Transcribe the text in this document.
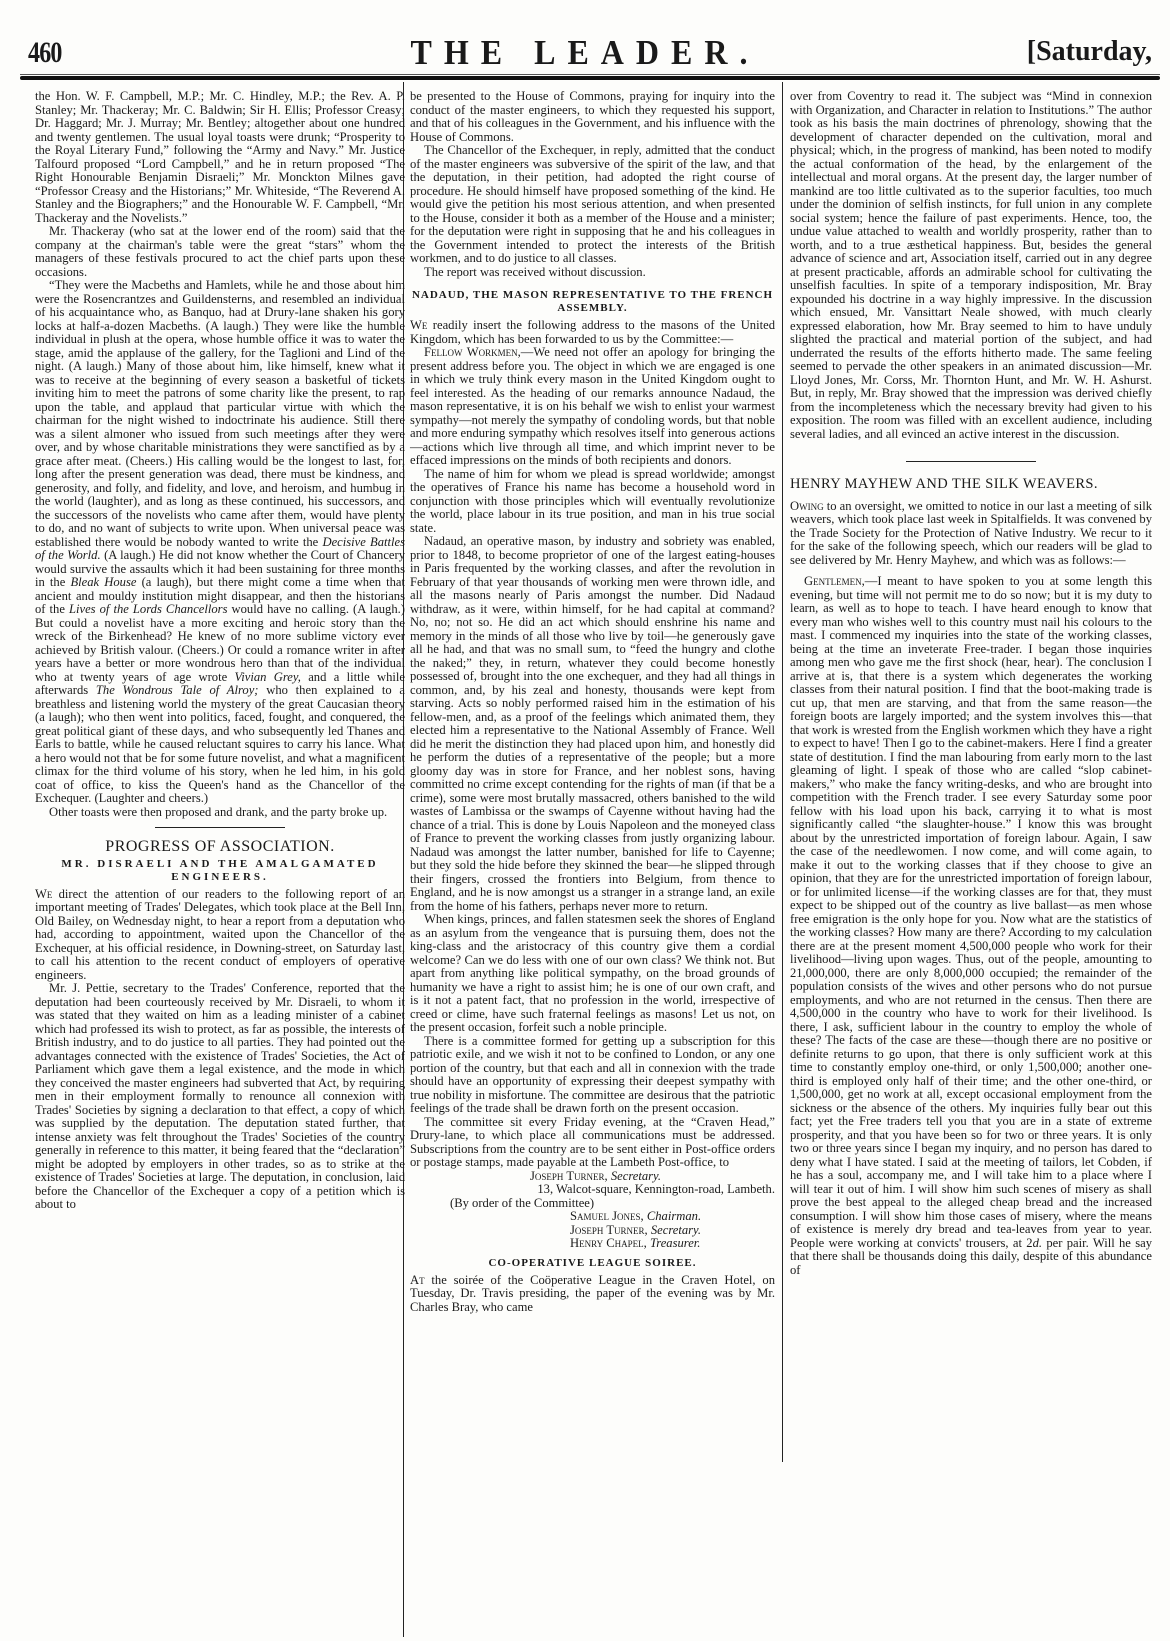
460	THE LEADER.	[Saturday,

the Hon. W. F. Campbell, M.P.; Mr. C. Hindley, M.P.; the Rev. A. P. Stanley; Mr. Thackeray; Mr. C. Baldwin; Sir H. Ellis; Professor Creasy; Dr. Haggard; Mr. J. Murray; Mr. Bentley; altogether about one hundred and twenty gentlemen. The usual loyal toasts were drunk; “Prosperity to the Royal Literary Fund,” following the “Army and Navy.” Mr. Justice Talfourd proposed “Lord Campbell,” and he in return proposed “The Right Honourable Benjamin Disraeli;” Mr. Monckton Milnes gave “Professor Creasy and the Historians;” Mr. Whiteside, “The Reverend A. Stanley and the Biographers;” and the Honourable W. F. Campbell, “Mr. Thackeray and the Novelists.”

Mr. Thackeray (who sat at the lower end of the room) said that the company at the chairman's table were the great “stars” whom the managers of these festivals procured to act the chief parts upon these occasions.

“They were the Macbeths and Hamlets, while he and those about him were the Rosencrantzes and Guildensterns, and resembled an individual of his acquaintance who, as Banquo, had at Drury-lane shaken his gory locks at half-a-dozen Macbeths. (A laugh.) They were like the humble individual in plush at the opera, whose humble office it was to water the stage, amid the applause of the gallery, for the Taglioni and Lind of the night. (A laugh.) Many of those about him, like himself, knew what it was to receive at the beginning of every season a basketful of tickets inviting him to meet the patrons of some charity like the present, to rap upon the table, and applaud that particular virtue with which the chairman for the night wished to indoctrinate his audience. Still there was a silent almoner who issued from such meetings after they were over, and by whose charitable ministrations they were sanctified as by a grace after meat. (Cheers.) His calling would be the longest to last, for, long after the present generation was dead, there must be kindness, and generosity, and folly, and fidelity, and love, and heroism, and humbug in the world (laughter), and as long as these continued, his successors, and the successors of the novelists who came after them, would have plenty to do, and no want of subjects to write upon. When universal peace was established there would be nobody wanted to write the Decisive Battles of the World. (A laugh.) He did not know whether the Court of Chancery would survive the assaults which it had been sustaining for three months in the Bleak House (a laugh), but there might come a time when that ancient and mouldy institution might disappear, and then the historians of the Lives of the Lords Chancellors would have no calling. (A laugh.) But could a novelist have a more exciting and heroic story than the wreck of the Birkenhead? He knew of no more sublime victory ever achieved by British valour. (Cheers.) Or could a romance writer in after years have a better or more wondrous hero than that of the individual who at twenty years of age wrote Vivian Grey, and a little while afterwards The Wondrous Tale of Alroy; who then explained to a breathless and listening world the mystery of the great Caucasian theory (a laugh); who then went into politics, faced, fought, and conquered, the great political giant of these days, and who subsequently led Thanes and Earls to battle, while he caused reluctant squires to carry his lance. What a hero would not that be for some future novelist, and what a magnificent climax for the third volume of his story, when he led him, in his gold coat of office, to kiss the Queen's hand as the Chancellor of the Exchequer. (Laughter and cheers.)

Other toasts were then proposed and drank, and the party broke up.

PROGRESS OF ASSOCIATION.
MR. DISRAELI AND THE AMALGAMATED ENGINEERS.

We direct the attention of our readers to the following report of an important meeting of Trades' Delegates, which took place at the Bell Inn, Old Bailey, on Wednesday night, to hear a report from a deputation who had, according to appointment, waited upon the Chancellor of the Exchequer, at his official residence, in Downing-street, on Saturday last, to call his attention to the recent conduct of employers of operative engineers.

Mr. J. Pettie, secretary to the Trades' Conference, reported that the deputation had been courteously received by Mr. Disraeli, to whom it was stated that they waited on him as a leading minister of a cabinet which had professed its wish to protect, as far as possible, the interests of British industry, and to do justice to all parties. They had pointed out the advantages connected with the existence of Trades' Societies, the Act of Parliament which gave them a legal existence, and the mode in which they conceived the master engineers had subverted that Act, by requiring men in their employment formally to renounce all connexion with Trades' Societies by signing a declaration to that effect, a copy of which was supplied by the deputation. The deputation stated further, that intense anxiety was felt throughout the Trades' Societies of the country generally in reference to this matter, it being feared that the “declaration” might be adopted by employers in other trades, so as to strike at the existence of Trades' Societies at large. The deputation, in conclusion, laid before the Chancellor of the Exchequer a copy of a petition which is about to

be presented to the House of Commons, praying for inquiry into the conduct of the master engineers, to which they requested his support, and that of his colleagues in the Government, and his influence with the House of Commons.

The Chancellor of the Exchequer, in reply, admitted that the conduct of the master engineers was subversive of the spirit of the law, and that the deputation, in their petition, had adopted the right course of procedure. He should himself have proposed something of the kind. He would give the petition his most serious attention, and when presented to the House, consider it both as a member of the House and a minister; for the deputation were right in supposing that he and his colleagues in the Government intended to protect the interests of the British workmen, and to do justice to all classes.

The report was received without discussion.

NADAUD, THE MASON REPRESENTATIVE TO THE FRENCH ASSEMBLY.

We readily insert the following address to the masons of the United Kingdom, which has been forwarded to us by the Committee:—

Fellow Workmen,—We need not offer an apology for bringing the present address before you. The object in which we are engaged is one in which we truly think every mason in the United Kingdom ought to feel interested. As the heading of our remarks announce Nadaud, the mason representative, it is on his behalf we wish to enlist your warmest sympathy—not merely the sympathy of condoling words, but that noble and more enduring sympathy which resolves itself into generous actions—actions which live through all time, and which imprint never to be effaced impressions on the minds of both recipients and donors.

The name of him for whom we plead is spread worldwide; amongst the operatives of France his name has become a household word in conjunction with those principles which will eventually revolutionize the world, place labour in its true position, and man in his true social state.

Nadaud, an operative mason, by industry and sobriety was enabled, prior to 1848, to become proprietor of one of the largest eating-houses in Paris frequented by the working classes, and after the revolution in February of that year thousands of working men were thrown idle, and all the masons nearly of Paris amongst the number. Did Nadaud withdraw, as it were, within himself, for he had capital at command? No, no; not so. He did an act which should enshrine his name and memory in the minds of all those who live by toil—he generously gave all he had, and that was no small sum, to “feed the hungry and clothe the naked;” they, in return, whatever they could become honestly possessed of, brought into the one exchequer, and they had all things in common, and, by his zeal and honesty, thousands were kept from starving. Acts so nobly performed raised him in the estimation of his fellow-men, and, as a proof of the feelings which animated them, they elected him a representative to the National Assembly of France. Well did he merit the distinction they had placed upon him, and honestly did he perform the duties of a representative of the people; but a more gloomy day was in store for France, and her noblest sons, having committed no crime except contending for the rights of man (if that be a crime), some were most brutally massacred, others banished to the wild wastes of Lambissa or the swamps of Cayenne without having had the chance of a trial. This is done by Louis Napoleon and the moneyed class of France to prevent the working classes from justly organizing labour. Nadaud was amongst the latter number, banished for life to Cayenne; but they sold the hide before they skinned the bear—he slipped through their fingers, crossed the frontiers into Belgium, from thence to England, and he is now amongst us a stranger in a strange land, an exile from the home of his fathers, perhaps never more to return.

When kings, princes, and fallen statesmen seek the shores of England as an asylum from the vengeance that is pursuing them, does not the king-class and the aristocracy of this country give them a cordial welcome? Can we do less with one of our own class? We think not. But apart from anything like political sympathy, on the broad grounds of humanity we have a right to assist him; he is one of our own craft, and is it not a patent fact, that no profession in the world, irrespective of creed or clime, have such fraternal feelings as masons! Let us not, on the present occasion, forfeit such a noble principle.

There is a committee formed for getting up a subscription for this patriotic exile, and we wish it not to be confined to London, or any one portion of the country, but that each and all in connexion with the trade should have an opportunity of expressing their deepest sympathy with true nobility in misfortune. The committee are desirous that the patriotic feelings of the trade shall be drawn forth on the present occasion.

The committee sit every Friday evening, at the “Craven Head,” Drury-lane, to which place all communications must be addressed. Subscriptions from the country are to be sent either in Post-office orders or postage stamps, made payable at the Lambeth Post-office, to

Joseph Turner, Secretary.

13, Walcot-square, Kennington-road, Lambeth.

(By order of the Committee)

Samuel Jones, Chairman.

Joseph Turner, Secretary.

Henry Chapel, Treasurer.

CO-OPERATIVE LEAGUE SOIREE.

At the soirée of the Coöperative League in the Craven Hotel, on Tuesday, Dr. Travis presiding, the paper of the evening was by Mr. Charles Bray, who came

over from Coventry to read it. The subject was “Mind in connexion with Organization, and Character in relation to Institutions.” The author took as his basis the main doctrines of phrenology, showing that the development of character depended on the cultivation, moral and physical; which, in the progress of mankind, has been noted to modify the actual conformation of the head, by the enlargement of the intellectual and moral organs. At the present day, the larger number of mankind are too little cultivated as to the superior faculties, too much under the dominion of selfish instincts, for full union in any complete social system; hence the failure of past experiments. Hence, too, the undue value attached to wealth and worldly prosperity, rather than to worth, and to a true æsthetical happiness. But, besides the general advance of science and art, Association itself, carried out in any degree at present practicable, affords an admirable school for cultivating the unselfish faculties. In spite of a temporary indisposition, Mr. Bray expounded his doctrine in a way highly impressive. In the discussion which ensued, Mr. Vansittart Neale showed, with much clearly expressed elaboration, how Mr. Bray seemed to him to have unduly slighted the practical and material portion of the subject, and had underrated the results of the efforts hitherto made. The same feeling seemed to pervade the other speakers in an animated discussion—Mr. Lloyd Jones, Mr. Corss, Mr. Thornton Hunt, and Mr. W. H. Ashurst. But, in reply, Mr. Bray showed that the impression was derived chiefly from the incompleteness which the necessary brevity had given to his exposition. The room was filled with an excellent audience, including several ladies, and all evinced an active interest in the discussion.

HENRY MAYHEW AND THE SILK WEAVERS.

Owing to an oversight, we omitted to notice in our last a meeting of silk weavers, which took place last week in Spitalfields. It was convened by the Trade Society for the Protection of Native Industry. We recur to it for the sake of the following speech, which our readers will be glad to see delivered by Mr. Henry Mayhew, and which was as follows:—

Gentlemen,—I meant to have spoken to you at some length this evening, but time will not permit me to do so now; but it is my duty to learn, as well as to hope to teach. I have heard enough to know that every man who wishes well to this country must nail his colours to the mast. I commenced my inquiries into the state of the working classes, being at the time an inveterate Free-trader. I began those inquiries among men who gave me the first shock (hear, hear). The conclusion I arrive at is, that there is a system which degenerates the working classes from their natural position. I find that the boot-making trade is cut up, that men are starving, and that from the same reason—the foreign boots are largely imported; and the system involves this—that that work is wrested from the English workmen which they have a right to expect to have! Then I go to the cabinet-makers. Here I find a greater state of destitution. I find the man labouring from early morn to the last gleaming of light. I speak of those who are called “slop cabinet-makers,” who make the fancy writing-desks, and who are brought into competition with the French trader. I see every Saturday some poor fellow with his load upon his back, carrying it to what is most significantly called “the slaughter-house.” I know this was brought about by the unrestricted importation of foreign labour. Again, I saw the case of the needlewomen. I now come, and will come again, to make it out to the working classes that if they choose to give an opinion, that they are for the unrestricted importation of foreign labour, or for unlimited license—if the working classes are for that, they must expect to be shipped out of the country as live ballast—as men whose free emigration is the only hope for you. Now what are the statistics of the working classes? How many are there? According to my calculation there are at the present moment 4,500,000 people who work for their livelihood—living upon wages. Thus, out of the people, amounting to 21,000,000, there are only 8,000,000 occupied; the remainder of the population consists of the wives and other persons who do not pursue employments, and who are not returned in the census. Then there are 4,500,000 in the country who have to work for their livelihood. Is there, I ask, sufficient labour in the country to employ the whole of these? The facts of the case are these—though there are no positive or definite returns to go upon, that there is only sufficient work at this time to constantly employ one-third, or only 1,500,000; another one-third is employed only half of their time; and the other one-third, or 1,500,000, get no work at all, except occasional employment from the sickness or the absence of the others. My inquiries fully bear out this fact; yet the Free traders tell you that you are in a state of extreme prosperity, and that you have been so for two or three years. It is only two or three years since I began my inquiry, and no person has dared to deny what I have stated. I said at the meeting of tailors, let Cobden, if he has a soul, accompany me, and I will take him to a place where I will tear it out of him. I will show him such scenes of misery as shall prove the best appeal to the alleged cheap bread and the increased consumption. I will show him those cases of misery, where the means of existence is merely dry bread and tea-leaves from year to year. People were working at convicts' trousers, at 2d. per pair. Will he say that there shall be thousands doing this daily, despite of this abundance of
